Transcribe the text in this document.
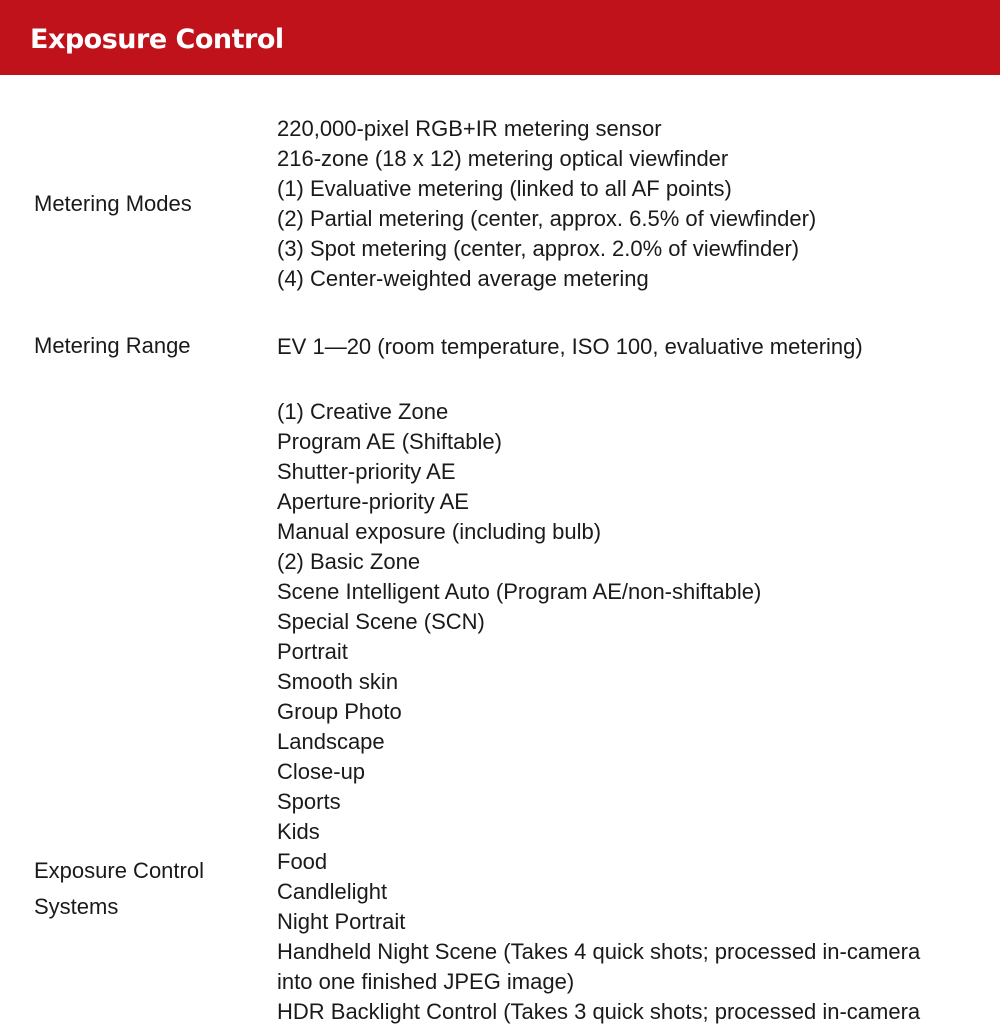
Exposure Control
Metering Modes
220,000-pixel RGB+IR metering sensor
216-zone (18 x 12) metering optical viewfinder
(1) Evaluative metering (linked to all AF points)
(2) Partial metering (center, approx. 6.5% of viewfinder)
(3) Spot metering (center, approx. 2.0% of viewfinder)
(4) Center-weighted average metering
Metering Range	EV 1—20 (room temperature, ISO 100, evaluative metering)
Exposure Control
Systems
(1) Creative Zone
Program AE (Shiftable)
Shutter-priority AE
Aperture-priority AE
Manual exposure (including bulb)
(2) Basic Zone
Scene Intelligent Auto (Program AE/non-shiftable)
Special Scene (SCN)
Portrait
Smooth skin
Group Photo
Landscape
Close-up
Sports
Kids
Food
Candlelight
Night Portrait
Handheld Night Scene (Takes 4 quick shots; processed in-camera
into one finished JPEG image)
HDR Backlight Control (Takes 3 quick shots; processed in-camera
